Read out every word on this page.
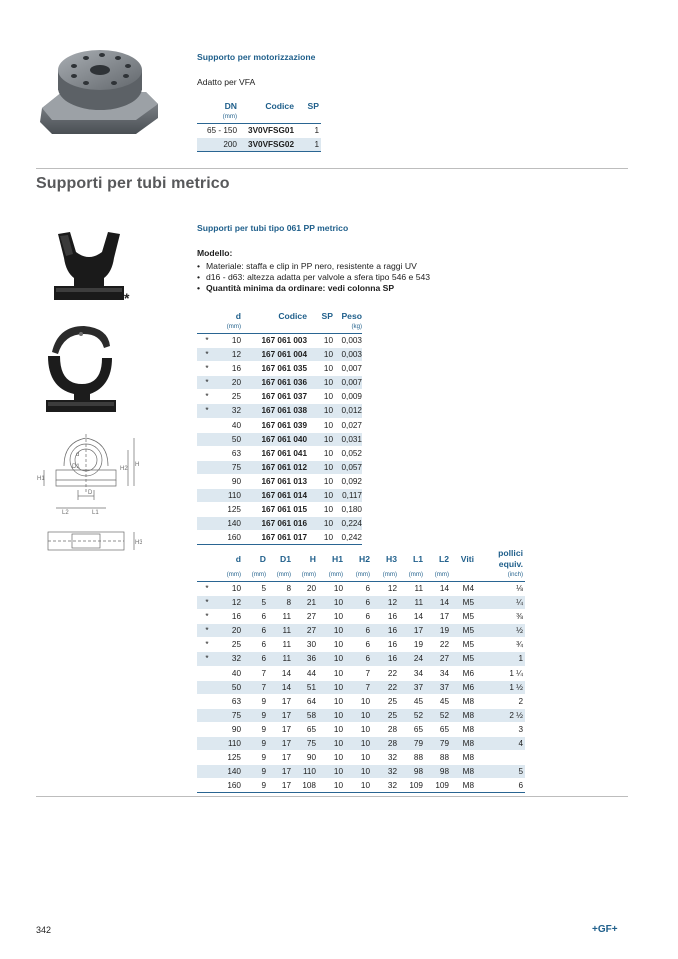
Supporto per motorizzazione
Adatto per VFA
DN	Codice	SP
(mm)		
65 - 150	3V0VFSG01	1
200	3V0VFSG02	1
Supporti per tubi metrico
Supporti per tubi tipo 061 PP metrico
Modello:
• Materiale: staffa e clip in PP nero, resistente a raggi UV
• d16 - d63: altezza adatta per valvole a sfera tipo 546 e 543
• Quantità minima da ordinare: vedi colonna SP
*
d
D1
D
H1
H2
H
L2	L1
H3
	d	Codice	SP	Peso
	(mm)			(kg)
*	10	167 061 003	10	0,003
*	12	167 061 004	10	0,003
*	16	167 061 035	10	0,007
*	20	167 061 036	10	0,007
*	25	167 061 037	10	0,009
*	32	167 061 038	10	0,012
	40	167 061 039	10	0,027
	50	167 061 040	10	0,031
	63	167 061 041	10	0,052
	75	167 061 012	10	0,057
	90	167 061 013	10	0,092
	110	167 061 014	10	0,117
	125	167 061 015	10	0,180
	140	167 061 016	10	0,224
	160	167 061 017	10	0,242
	d	D	D1	H	H1	H2	H3	L1	L2	Viti	pollici equiv.
	(mm)	(mm)	(mm)	(mm)	(mm)	(mm)	(mm)	(mm)	(mm)		(inch)
*	10	5	8	20	10	6	12	11	14	M4	⅛
*	12	5	8	21	10	6	12	11	14	M5	¼
*	16	6	11	27	10	6	16	14	17	M5	⅜
*	20	6	11	27	10	6	16	17	19	M5	½
*	25	6	11	30	10	6	16	19	22	M5	¾
*	32	6	11	36	10	6	16	24	27	M5	1
	40	7	14	44	10	7	22	34	34	M6	1 ¼
	50	7	14	51	10	7	22	37	37	M6	1 ½
	63	9	17	64	10	10	25	45	45	M8	2
	75	9	17	58	10	10	25	52	52	M8	2 ½
	90	9	17	65	10	10	28	65	65	M8	3
	110	9	17	75	10	10	28	79	79	M8	4
	125	9	17	90	10	10	32	88	88	M8	
	140	9	17	110	10	10	32	98	98	M8	5
	160	9	17	108	10	10	32	109	109	M8	6
342	+GF+
